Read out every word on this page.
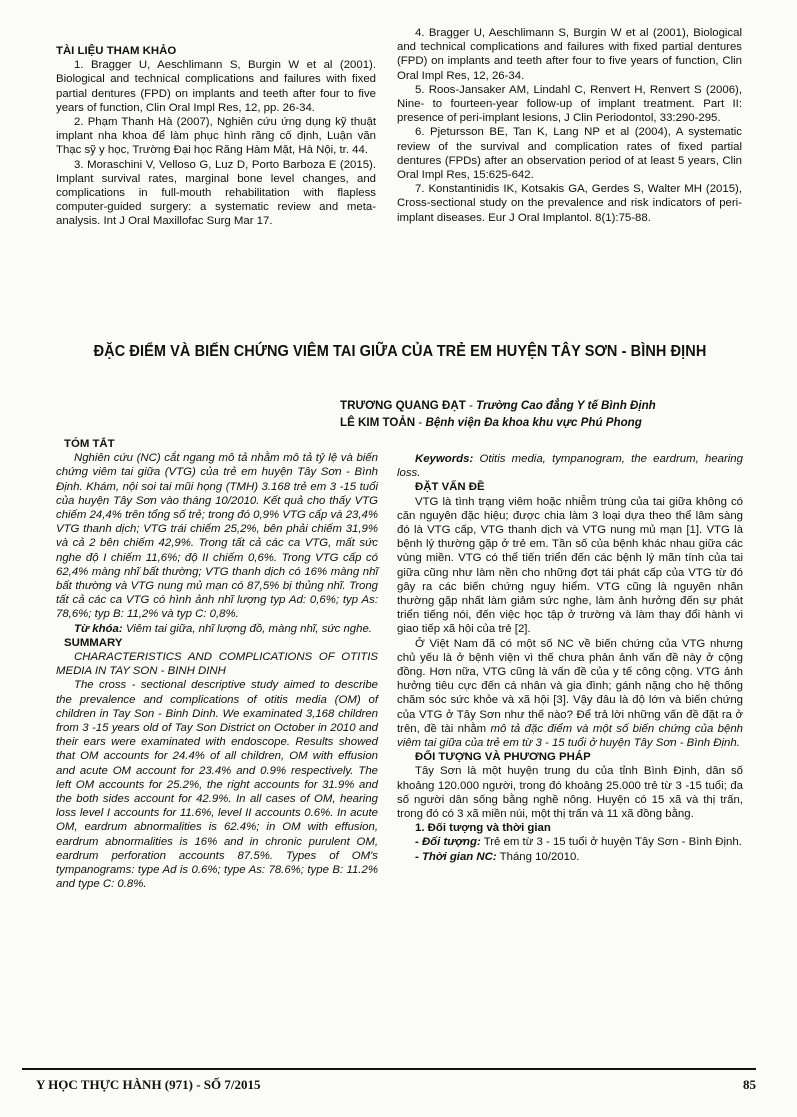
TÀI LIỆU THAM KHẢO

1. Bragger U, Aeschlimann S, Burgin W et al (2001). Biological and technical complications and failures with fixed partial dentures (FPD) on implants and teeth after four to five years of function, Clin Oral Impl Res, 12, pp. 26-34.

2. Phạm Thanh Hà (2007), Nghiên cứu ứng dụng kỹ thuật implant nha khoa để làm phục hình răng cố định, Luận văn Thạc sỹ y học, Trường Đại học Răng Hàm Mặt, Hà Nội, tr. 44.

3. Moraschini V, Velloso G, Luz D, Porto Barboza E (2015). Implant survival rates, marginal bone level changes, and complications in full-mouth rehabilitation with flapless computer-guided surgery: a systematic review and meta-analysis. Int J Oral Maxillofac Surg Mar 17.

4. Bragger U, Aeschlimann S, Burgin W et al (2001), Biological and technical complications and failures with fixed partial dentures (FPD) on implants and teeth after four to five years of function, Clin Oral Impl Res, 12, 26-34.

5. Roos-Jansaker AM, Lindahl C, Renvert H, Renvert S (2006), Nine- to fourteen-year follow-up of implant treatment. Part II: presence of peri-implant lesions, J Clin Periodontol, 33:290-295.

6. Pjetursson BE, Tan K, Lang NP et al (2004), A systematic review of the survival and complication rates of fixed partial dentures (FPDs) after an observation period of at least 5 years, Clin Oral Impl Res, 15:625-642.

7. Konstantinidis IK, Kotsakis GA, Gerdes S, Walter MH (2015), Cross-sectional study on the prevalence and risk indicators of peri-implant diseases. Eur J Oral Implantol. 8(1):75-88.

ĐẶC ĐIỂM VÀ BIẾN CHỨNG VIÊM TAI GIỮA CỦA TRẺ EM HUYỆN TÂY SƠN - BÌNH ĐỊNH
TRƯƠNG QUANG ĐẠT - Trường Cao đẳng Y tế Bình Định
LÊ KIM TOẢN - Bệnh viện Đa khoa khu vực Phú Phong

TÓM TẮT

Nghiên cứu (NC) cắt ngang mô tả nhằm mô tả tỷ lệ và biến chứng viêm tai giữa (VTG) của trẻ em huyện Tây Sơn - Bình Định. Khám, nội soi tai mũi họng (TMH) 3.168 trẻ em 3 -15 tuổi của huyện Tây Sơn vào tháng 10/2010. Kết quả cho thấy VTG chiếm 24,4% trên tổng số trẻ; trong đó 0,9% VTG cấp và 23,4% VTG thanh dịch; VTG trái chiếm 25,2%, bên phải chiếm 31,9% và cả 2 bên chiếm 42,9%. Trong tất cả các ca VTG, mất sức nghe độ I chiếm 11,6%; độ II chiếm 0,6%. Trong VTG cấp có 62,4% màng nhĩ bất thường; VTG thanh dịch có 16% màng nhĩ bất thường và VTG nung mủ mạn có 87,5% bị thủng nhĩ. Trong tất cả các ca VTG có hình ảnh nhĩ lượng typ Ad: 0,6%; typ As: 78,6%; typ B: 11,2% và typ C: 0,8%.

Từ khóa: Viêm tai giữa, nhĩ lượng đồ, màng nhĩ, sức nghe.

SUMMARY

CHARACTERISTICS AND COMPLICATIONS OF OTITIS MEDIA IN TAY SON - BINH DINH

The cross - sectional descriptive study aimed to describe the prevalence and complications of otitis media (OM) of children in Tay Son - Binh Dinh. We examinated 3,168 children from 3 -15 years old of Tay Son District on October in 2010 and their ears were examinated with endoscope. Results showed that OM accounts for 24.4% of all children, OM with effusion and acute OM account for 23.4% and 0.9% respectively. The left OM accounts for 25.2%, the right accounts for 31.9% and the both sides account for 42.9%. In all cases of OM, hearing loss level I accounts for 11.6%, level II accounts 0.6%. In acute OM, eardrum abnormalities is 62.4%; in OM with effusion, eardrum abnormalities is 16% and in chronic purulent OM, eardrum perforation accounts 87.5%. Types of OM's tympanograms: type Ad is 0.6%; type As: 78.6%; type B: 11.2% and type C: 0.8%.

Keywords: Otitis media, tympanogram, the eardrum, hearing loss.

ĐẶT VẤN ĐỀ

VTG là tình trạng viêm hoặc nhiễm trùng của tai giữa không có căn nguyên đặc hiệu; được chia làm 3 loại dựa theo thể lâm sàng đó là VTG cấp, VTG thanh dịch và VTG nung mủ mạn [1]. VTG là bệnh lý thường gặp ở trẻ em. Tần số của bệnh khác nhau giữa các vùng miền. VTG có thể tiến triển đến các bệnh lý mãn tính của tai giữa cũng như làm nền cho những đợt tái phát cấp của VTG từ đó gây ra các biến chứng nguy hiểm. VTG cũng là nguyên nhân thường gặp nhất làm giảm sức nghe, làm ảnh hưởng đến sự phát triển tiếng nói, đến việc học tập ở trường và làm thay đổi hành vi giao tiếp xã hội của trẻ [2].

Ở Việt Nam đã có một số NC về biến chứng của VTG nhưng chủ yếu là ở bệnh viện vì thế chưa phản ảnh vấn đề này ở cộng đồng. Hơn nữa, VTG cũng là vấn đề của y tế công cộng. VTG ảnh hưởng tiêu cực đến cá nhân và gia đình; gánh nặng cho hệ thống chăm sóc sức khỏe và xã hội [3]. Vậy đâu là độ lớn và biến chứng của VTG ở Tây Sơn như thế nào? Để trả lời những vấn đề đặt ra ở trên, đề tài nhằm mô tả đặc điểm và một số biến chứng của bệnh viêm tai giữa của trẻ em từ 3 - 15 tuổi ở huyện Tây Sơn - Bình Định.

ĐỐI TƯỢNG VÀ PHƯƠNG PHÁP

Tây Sơn là một huyện trung du của tỉnh Bình Định, dân số khoảng 120.000 người, trong đó khoảng 25.000 trẻ từ 3 -15 tuổi; đa số người dân sống bằng nghề nông. Huyện có 15 xã và thị trấn, trong đó có 3 xã miền núi, một thị trấn và 11 xã đồng bằng.

1. Đối tượng và thời gian

- Đối tượng: Trẻ em từ 3 - 15 tuổi ở huyện Tây Sơn - Bình Định.

- Thời gian NC: Tháng 10/2010.

Y HỌC THỰC HÀNH (971) - SỐ 7/2015	85
